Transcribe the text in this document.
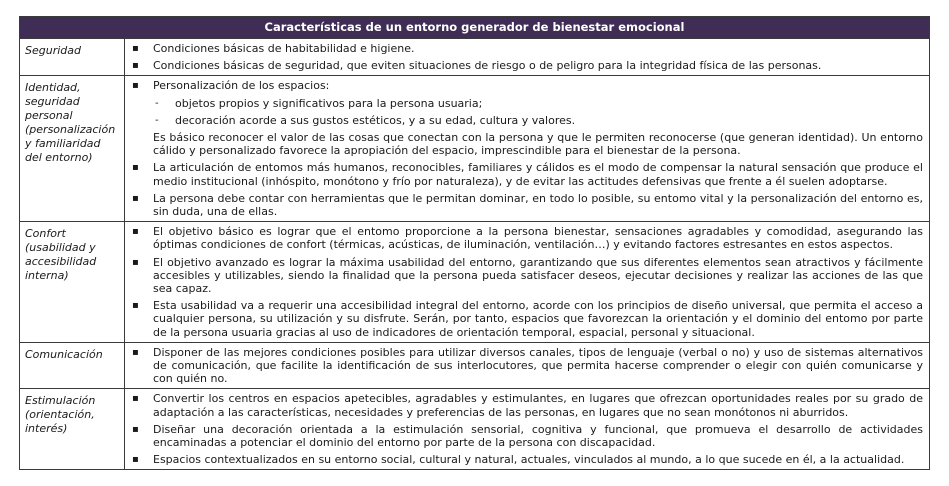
Características de un entorno generador de bienestar emocional
Seguridad	▪ Condiciones básicas de habitabilidad e higiene.
▪ Condiciones básicas de seguridad, que eviten situaciones de riesgo o de peligro para la integridad física de las personas.
Identidad,
seguridad personal
(personalización y familiaridad del entorno)
▪ Personalización de los espacios:
- objetos propios y significativos para la persona usuaria;
- decoración acorde a sus gustos estéticos, y a su edad, cultura y valores.
Es básico reconocer el valor de las cosas que conectan con la persona y que le permiten reconocerse (que generan identidad). Un entorno cálido y personalizado favorece la apropiación del espacio, imprescindible para el bienestar de la persona.
▪ La articulación de entomos más humanos, reconocibles, familiares y cálidos es el modo de compensar la natural sensación que produce el medio institucional (inhóspito, monótono y frío por naturaleza), y de evitar las actitudes defensivas que frente a él suelen adoptarse.
▪ La persona debe contar con herramientas que le permitan dominar, en todo lo posible, su entomo vital y la personalización del entorno es, sin duda, una de ellas.
Confort
(usabilidad y accesibilidad interna)
▪ El objetivo básico es lograr que el entomo proporcione a la persona bienestar, sensaciones agradables y comodidad, asegurando las óptimas condiciones de confort (térmicas, acústicas, de iluminación, ventilación…) y evitando factores estresantes en estos aspectos.
▪ El objetivo avanzado es lograr la máxima usabilidad del entorno, garantizando que sus diferentes elementos sean atractivos y fácilmente accesibles y utilizables, siendo la finalidad que la persona pueda satisfacer deseos, ejecutar decisiones y realizar las acciones de las que sea capaz.
▪ Esta usabilidad va a requerir una accesibilidad integral del entorno, acorde con los principios de diseño universal, que permita el acceso a cualquier persona, su utilización y su disfrute. Serán, por tanto, espacios que favorezcan la orientación y el dominio del entomo por parte de la persona usuaria gracias al uso de indicadores de orientación temporal, espacial, personal y situacional.
Comunicación	▪ Disponer de las mejores condiciones posibles para utilizar diversos canales, tipos de lenguaje (verbal o no) y uso de sistemas alternativos de comunicación, que facilite la identificación de sus interlocutores, que permita hacerse comprender o elegir con quién comunicarse y con quién no.
Estimulación
(orientación, interés)
▪ Convertir los centros en espacios apetecibles, agradables y estimulantes, en lugares que ofrezcan oportunidades reales por su grado de adaptación a las características, necesidades y preferencias de las personas, en lugares que no sean monótonos ni aburridos.
▪ Diseñar una decoración orientada a la estimulación sensorial, cognitiva y funcional, que promueva el desarrollo de actividades encaminadas a potenciar el dominio del entorno por parte de la persona con discapacidad.
▪ Espacios contextualizados en su entorno social, cultural y natural, actuales, vinculados al mundo, a lo que sucede en él, a la actualidad.
